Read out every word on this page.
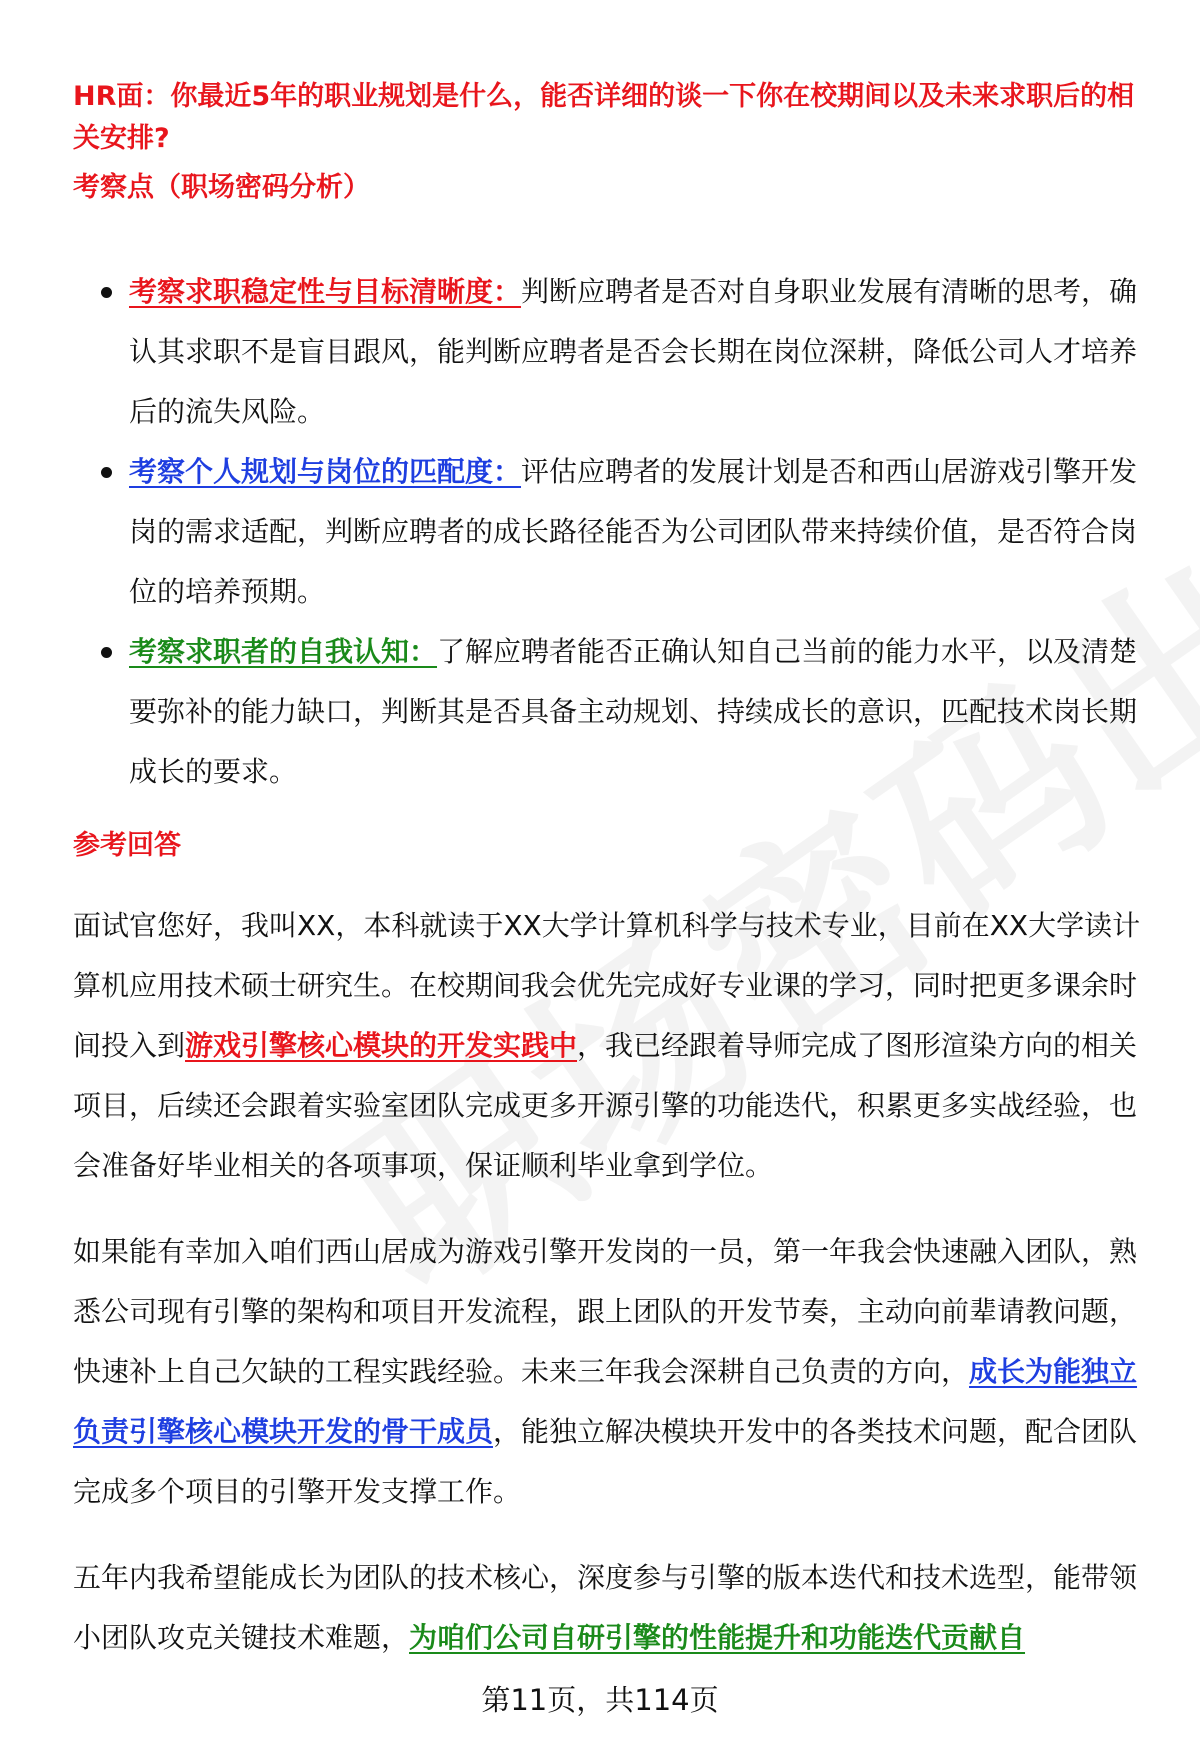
HR面：你最近5年的职业规划是什么，能否详细的谈一下你在校期间以及未来求职后的相关安排?
考察点（职场密码分析）
考察求职稳定性与目标清晰度：判断应聘者是否对自身职业发展有清晰的思考，确认其求职不是盲目跟风，能判断应聘者是否会长期在岗位深耕，降低公司人才培养后的流失风险。
考察个人规划与岗位的匹配度：评估应聘者的发展计划是否和西山居游戏引擎开发岗的需求适配，判断应聘者的成长路径能否为公司团队带来持续价值，是否符合岗位的培养预期。
考察求职者的自我认知：了解应聘者能否正确认知自己当前的能力水平，以及清楚要弥补的能力缺口，判断其是否具备主动规划、持续成长的意识，匹配技术岗长期成长的要求。
参考回答
面试官您好，我叫XX，本科就读于XX大学计算机科学与技术专业，目前在XX大学读计算机应用技术硕士研究生。在校期间我会优先完成好专业课的学习，同时把更多课余时间投入到游戏引擎核心模块的开发实践中，我已经跟着导师完成了图形渲染方向的相关项目，后续还会跟着实验室团队完成更多开源引擎的功能迭代，积累更多实战经验，也会准备好毕业相关的各项事项，保证顺利毕业拿到学位。
如果能有幸加入咱们西山居成为游戏引擎开发岗的一员，第一年我会快速融入团队，熟悉公司现有引擎的架构和项目开发流程，跟上团队的开发节奏，主动向前辈请教问题，快速补上自己欠缺的工程实践经验。未来三年我会深耕自己负责的方向，成长为能独立负责引擎核心模块开发的骨干成员，能独立解决模块开发中的各类技术问题，配合团队完成多个项目的引擎开发支撑工作。
五年内我希望能成长为团队的技术核心，深度参与引擎的版本迭代和技术选型，能带领小团队攻克关键技术难题，为咱们公司自研引擎的性能提升和功能迭代贡献自
第11页，共114页
